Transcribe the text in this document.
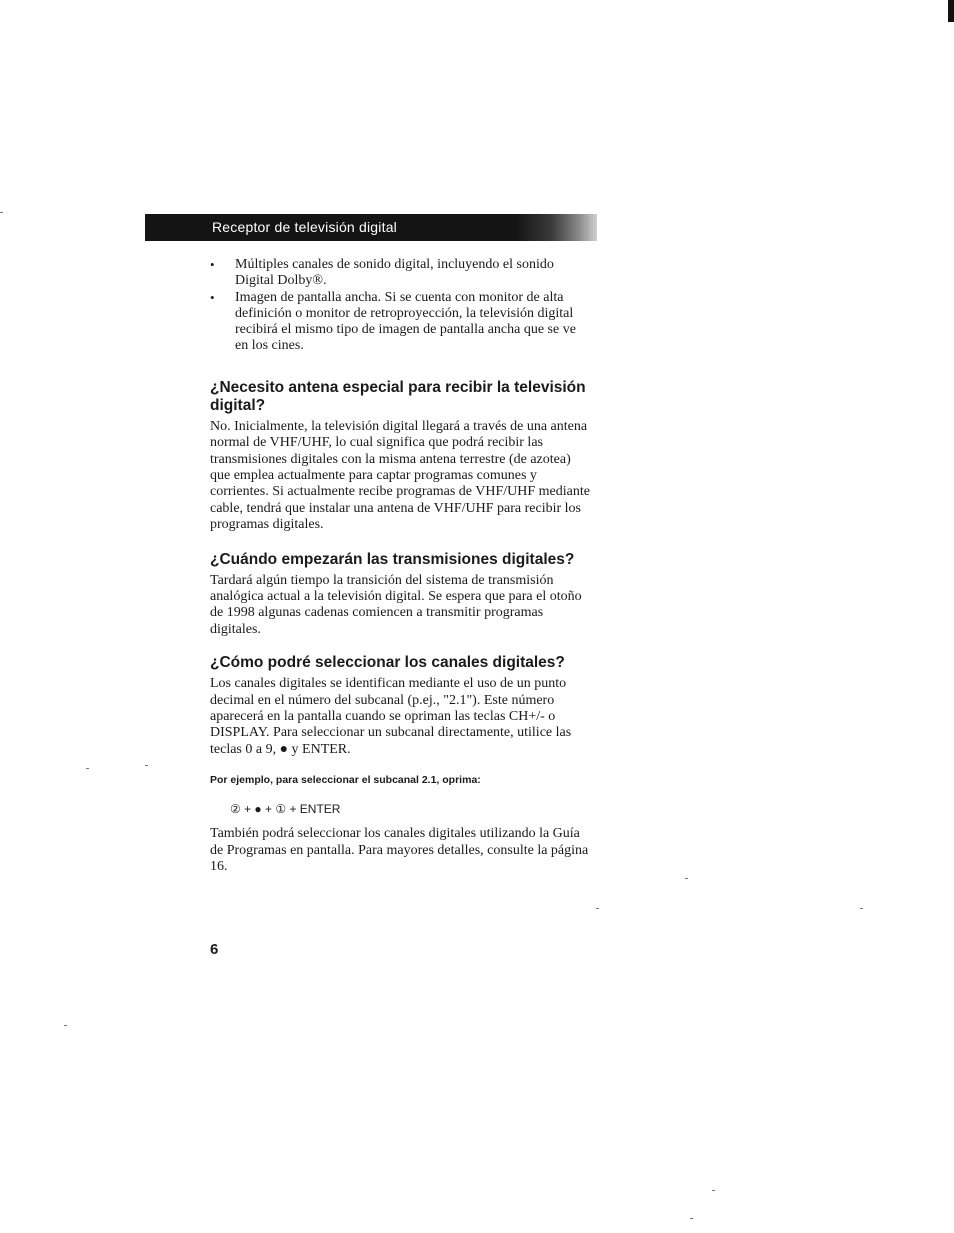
Receptor de televisión digital
• Múltiples canales de sonido digital, incluyendo el sonido Digital Dolby®.
• Imagen de pantalla ancha. Si se cuenta con monitor de alta definición o monitor de retroproyección, la televisión digital recibirá el mismo tipo de imagen de pantalla ancha que se ve en los cines.
¿Necesito antena especial para recibir la televisión digital?

No. Inicialmente, la televisión digital llegará a través de una antena normal de VHF/UHF, lo cual significa que podrá recibir las transmisiones digitales con la misma antena terrestre (de azotea) que emplea actualmente para captar programas comunes y corrientes. Si actualmente recibe programas de VHF/UHF mediante cable, tendrá que instalar una antena de VHF/UHF para recibir los programas digitales.

¿Cuándo empezarán las transmisiones digitales?

Tardará algún tiempo la transición del sistema de transmisión analógica actual a la televisión digital. Se espera que para el otoño de 1998 algunas cadenas comiencen a transmitir programas digitales.

¿Cómo podré seleccionar los canales digitales?

Los canales digitales se identifican mediante el uso de un punto decimal en el número del subcanal (p.ej., "2.1"). Este número aparecerá en la pantalla cuando se opriman las teclas CH+/- o DISPLAY. Para seleccionar un subcanal directamente, utilice las teclas 0 a 9, ● y ENTER.

Por ejemplo, para seleccionar el subcanal 2.1, oprima:

② + ● + ① + ENTER

También podrá seleccionar los canales digitales utilizando la Guía de Programas en pantalla. Para mayores detalles, consulte la página 16.

6
